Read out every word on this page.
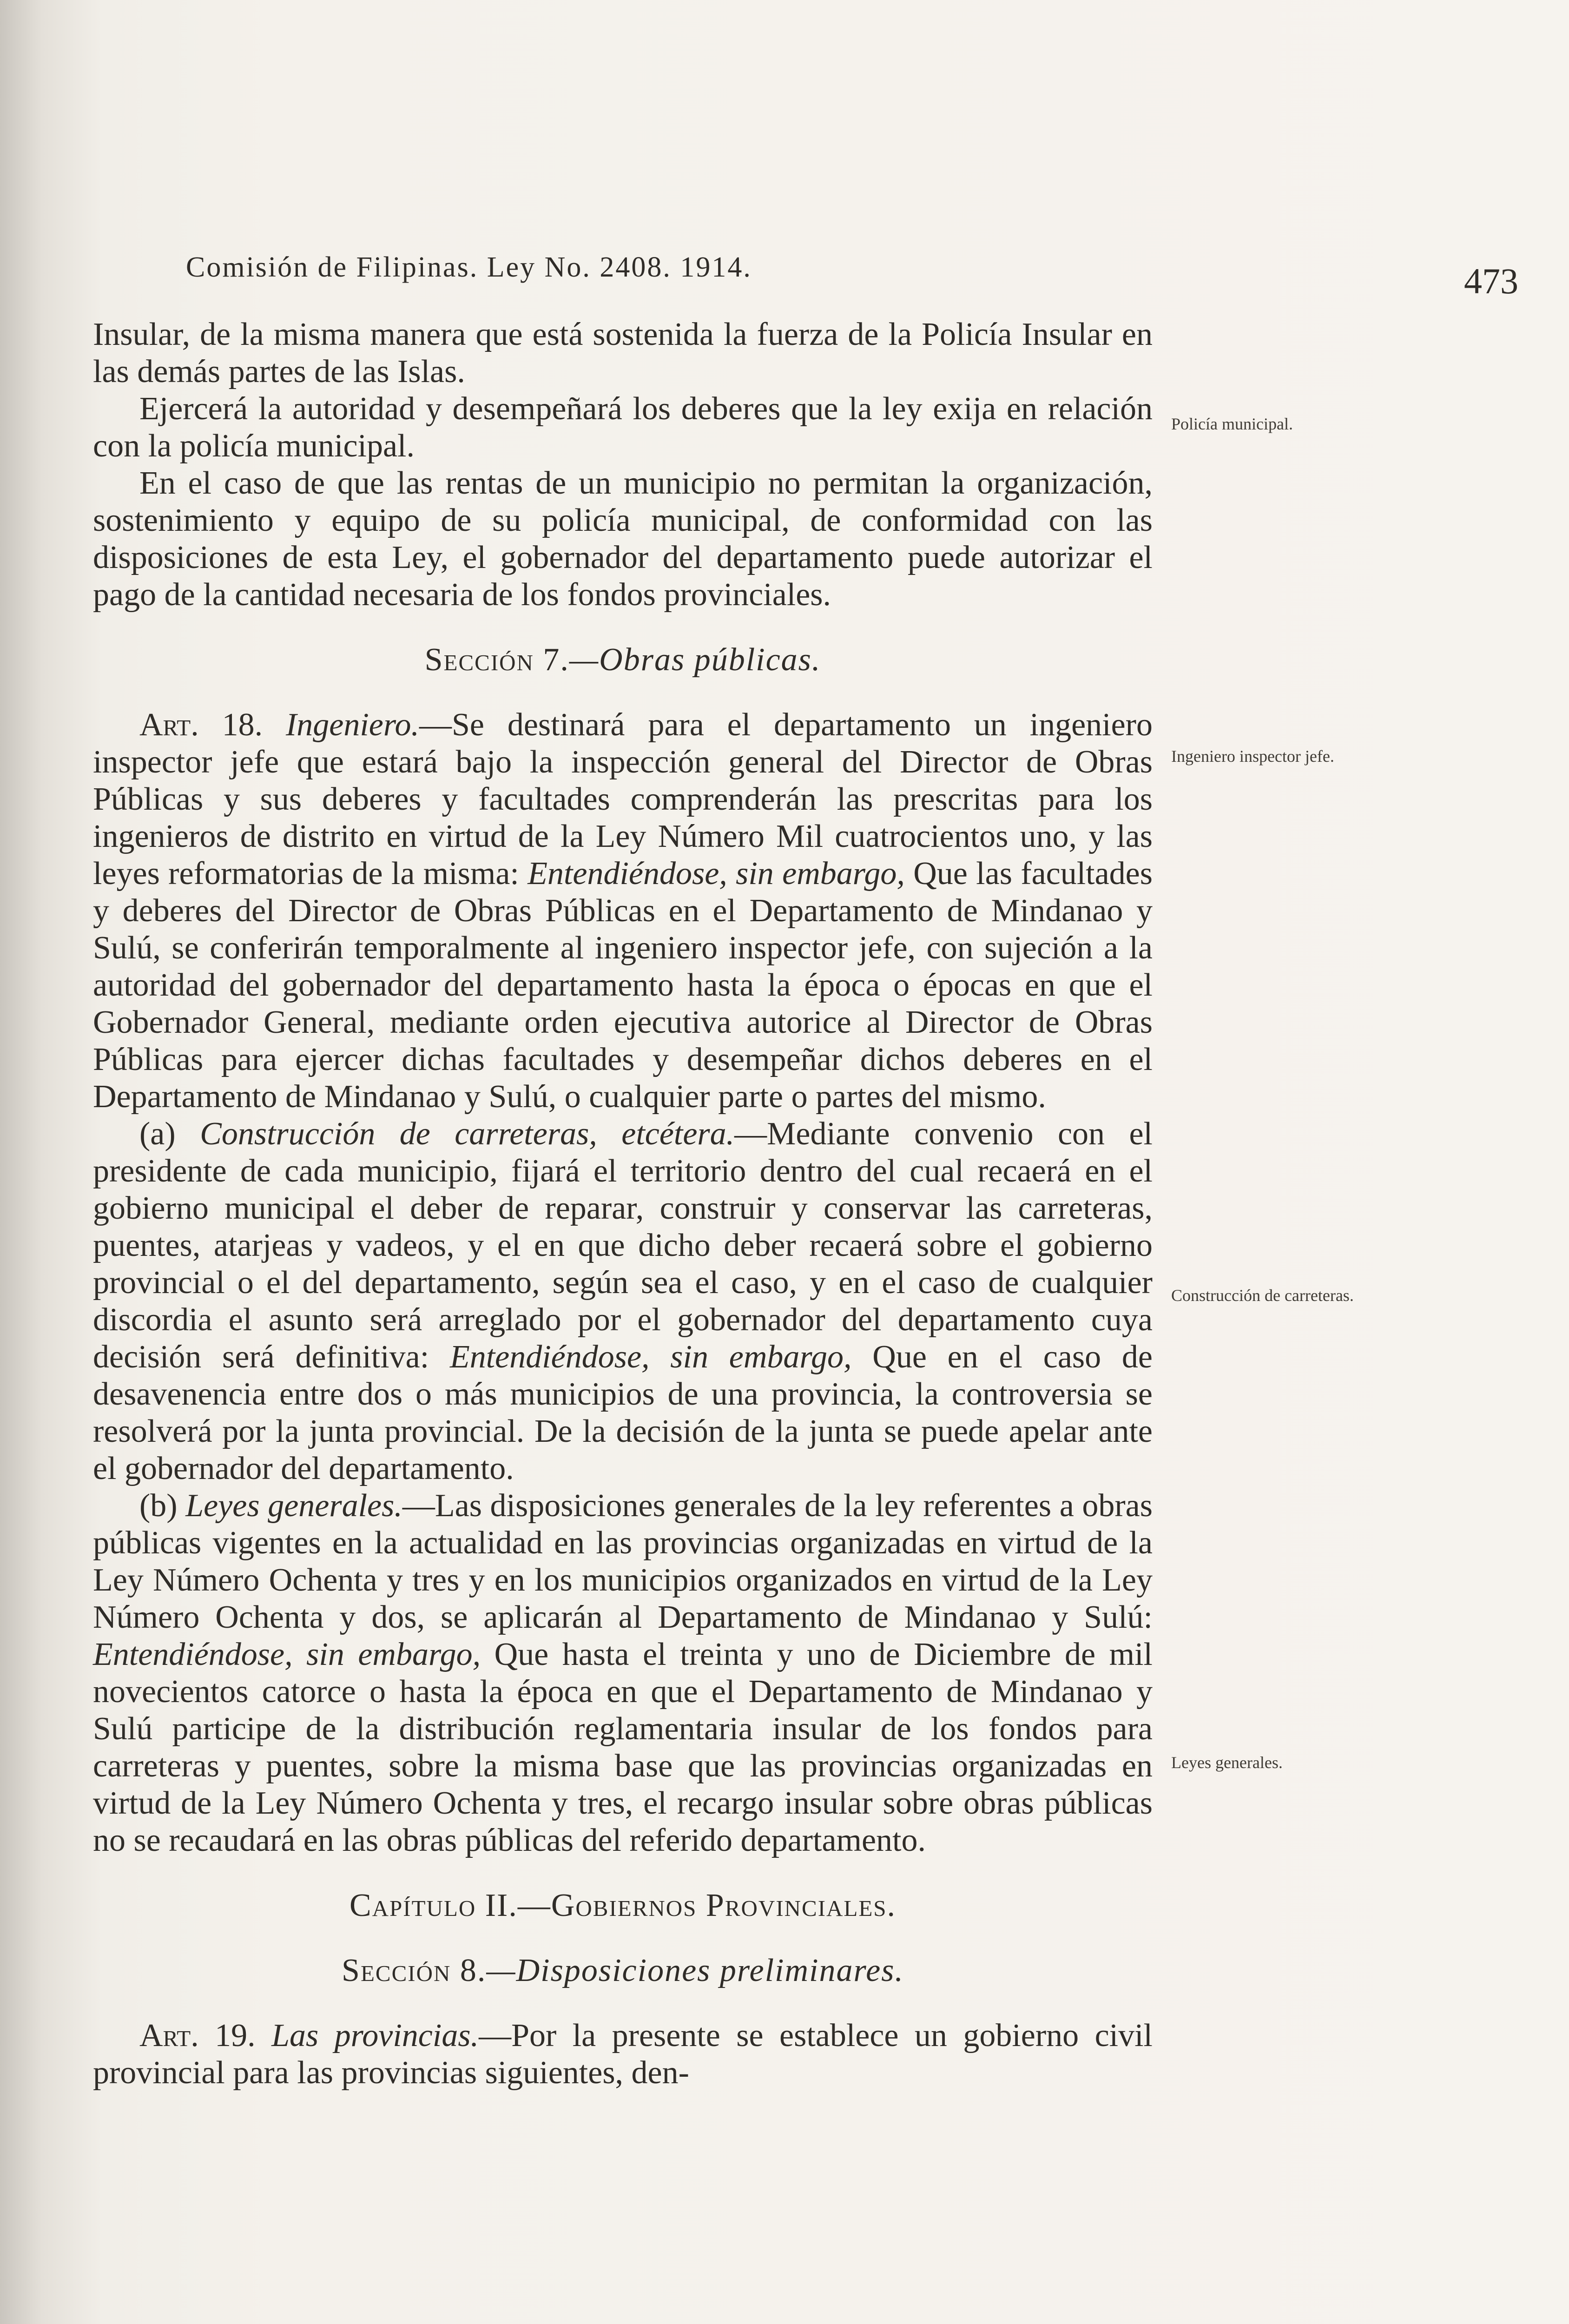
Comisión de Filipinas. Ley No. 2408. 1914.	473

Insular, de la misma manera que está sostenida la fuerza de la Policía Insular en las demás partes de las Islas.

Ejercerá la autoridad y desempeñará los deberes que la ley exija en relación con la policía municipal.

En el caso de que las rentas de un municipio no permitan la organización, sostenimiento y equipo de su policía municipal, de conformidad con las disposiciones de esta Ley, el gobernador del departamento puede autorizar el pago de la cantidad necesaria de los fondos provinciales.

Sección 7.—Obras públicas.

Art. 18. Ingeniero.—Se destinará para el departamento un ingeniero inspector jefe que estará bajo la inspección general del Director de Obras Públicas y sus deberes y facultades comprenderán las prescritas para los ingenieros de distrito en virtud de la Ley Número Mil cuatrocientos uno, y las leyes reformatorias de la misma: Entendiéndose, sin embargo, Que las facultades y deberes del Director de Obras Públicas en el Departamento de Mindanao y Sulú, se conferirán temporalmente al ingeniero inspector jefe, con sujeción a la autoridad del gobernador del departamento hasta la época o épocas en que el Gobernador General, mediante orden ejecutiva autorice al Director de Obras Públicas para ejercer dichas facultades y desempeñar dichos deberes en el Departamento de Mindanao y Sulú, o cualquier parte o partes del mismo.

(a) Construcción de carreteras, etcétera.—Mediante convenio con el presidente de cada municipio, fijará el territorio dentro del cual recaerá en el gobierno municipal el deber de reparar, construir y conservar las carreteras, puentes, atarjeas y vadeos, y el en que dicho deber recaerá sobre el gobierno provincial o el del departamento, según sea el caso, y en el caso de cualquier discordia el asunto será arreglado por el gobernador del departamento cuya decisión será definitiva: Entendiéndose, sin embargo, Que en el caso de desavenencia entre dos o más municipios de una provincia, la controversia se resolverá por la junta provincial. De la decisión de la junta se puede apelar ante el gobernador del departamento.

(b) Leyes generales.—Las disposiciones generales de la ley referentes a obras públicas vigentes en la actualidad en las provincias organizadas en virtud de la Ley Número Ochenta y tres y en los municipios organizados en virtud de la Ley Número Ochenta y dos, se aplicarán al Departamento de Mindanao y Sulú: Entendiéndose, sin embargo, Que hasta el treinta y uno de Diciembre de mil novecientos catorce o hasta la época en que el Departamento de Mindanao y Sulú participe de la distribución reglamentaria insular de los fondos para carreteras y puentes, sobre la misma base que las provincias organizadas en virtud de la Ley Número Ochenta y tres, el recargo insular sobre obras públicas no se recaudará en las obras públicas del referido departamento.

Capítulo II.—Gobiernos Provinciales.
Sección 8.—Disposiciones preliminares.

Art. 19. Las provincias.—Por la presente se establece un gobierno civil provincial para las provincias siguientes, den-

Policía municipal.
Ingeniero inspector jefe.
Construcción de carreteras.
Leyes generales.
